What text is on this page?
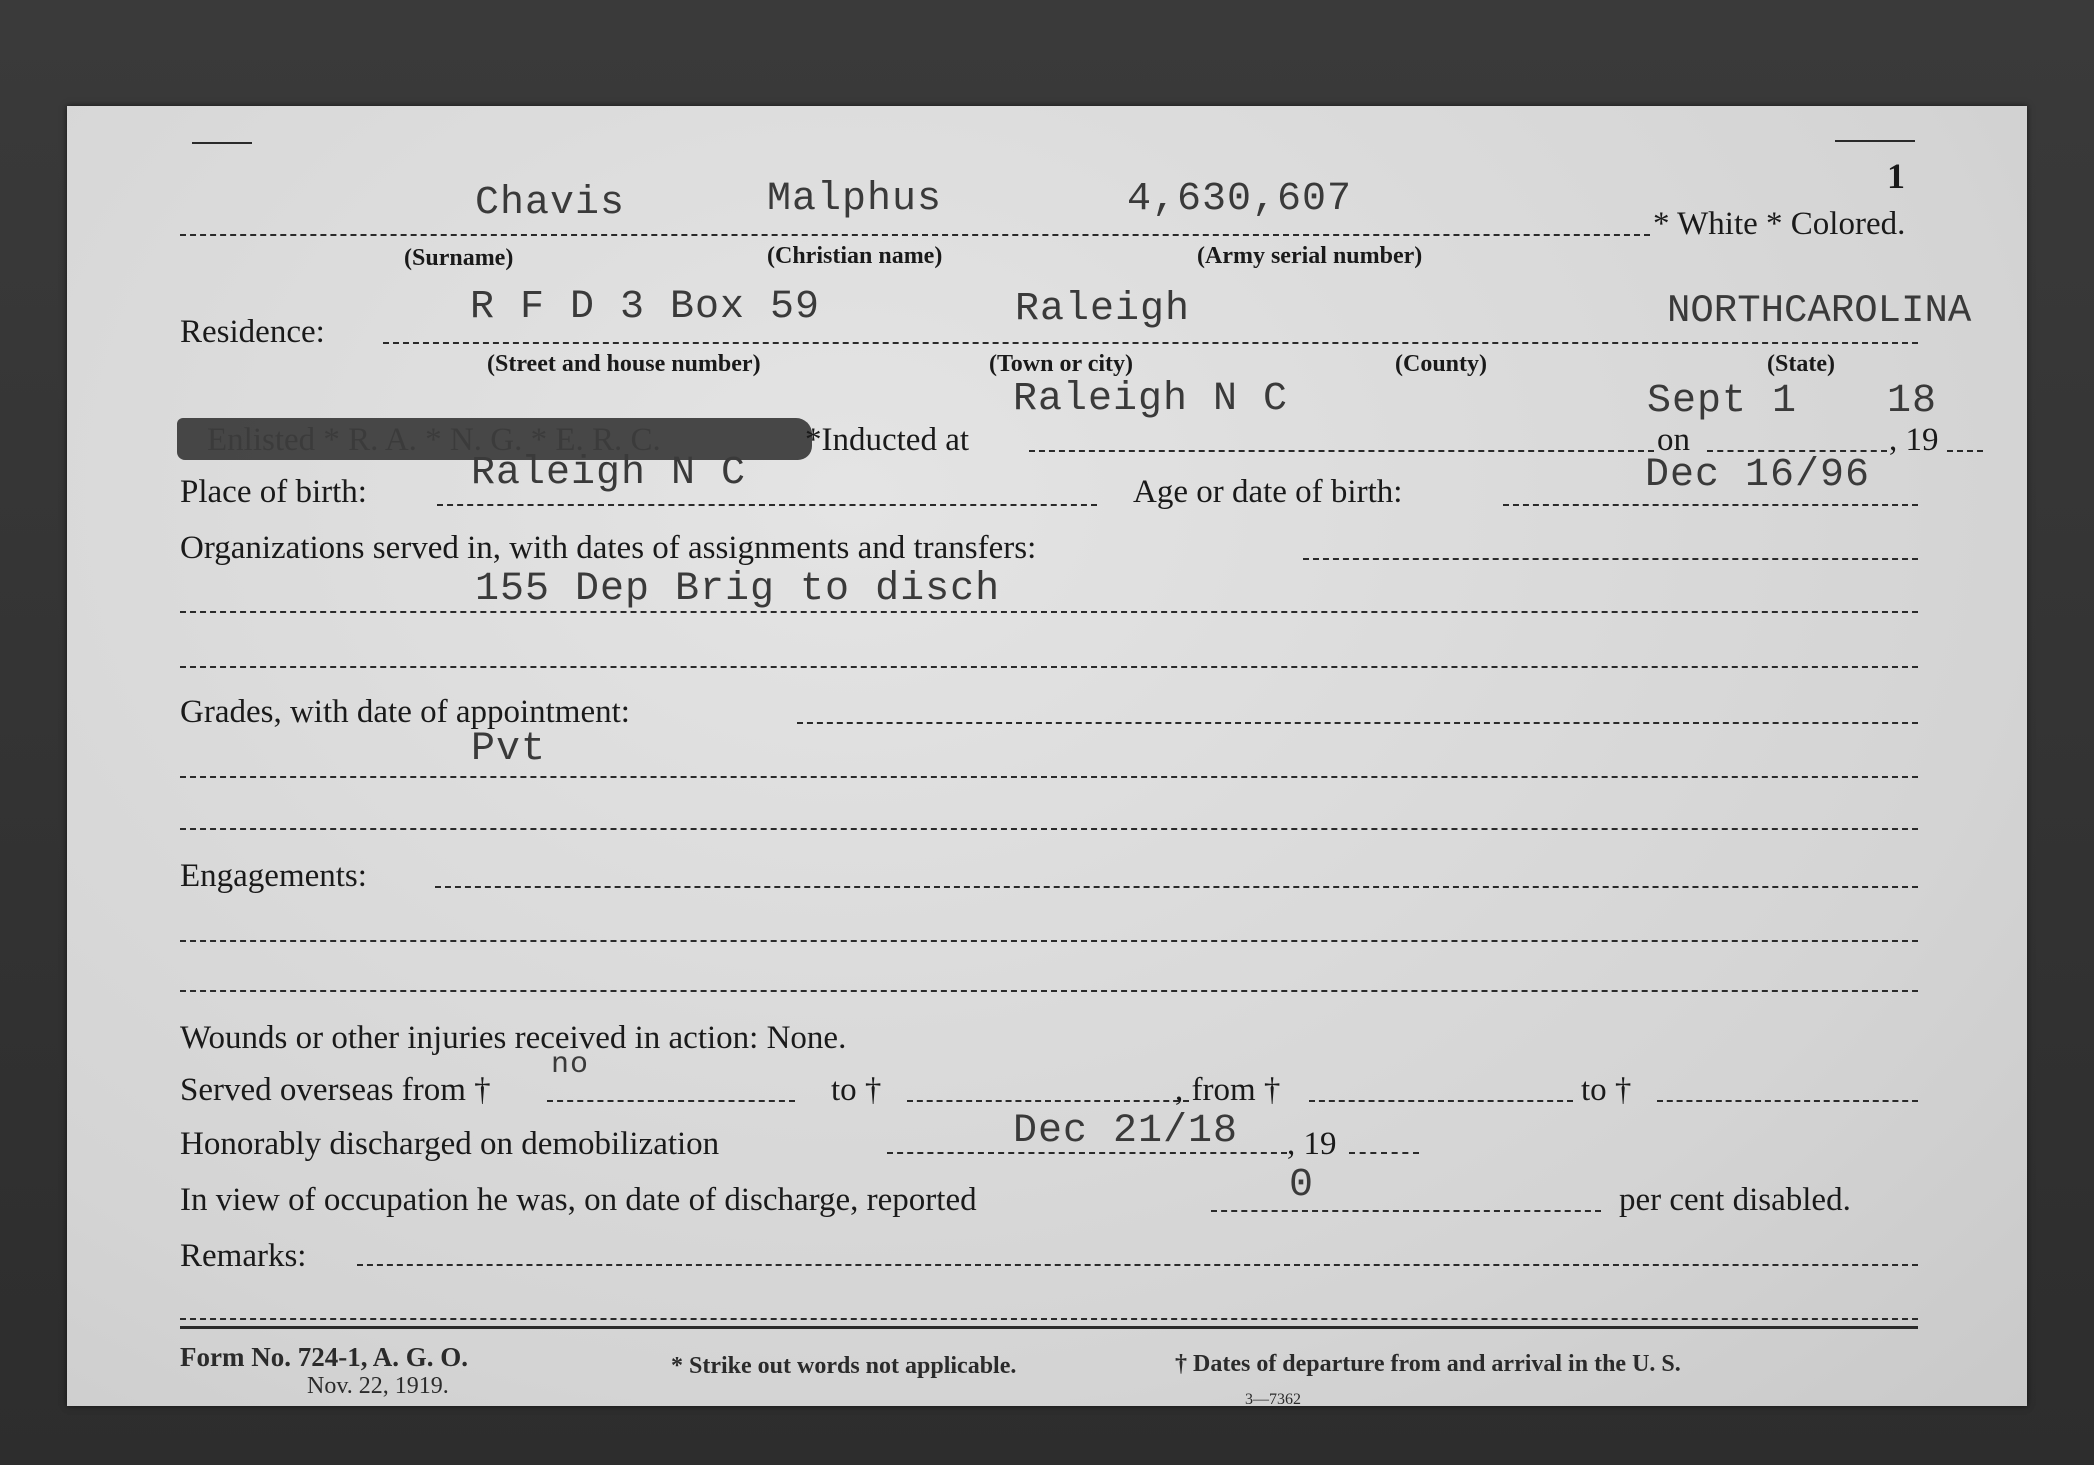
1
Chavis	Malphus	4,630,607
* White * Colored.
(Surname)	(Christian name)	(Army serial number)
Residence:
R F D 3 Box 59	Raleigh	NORTHCAROLINA
(Street and house number)	(Town or city)	(County)	(State)
Raleigh N C	Sept 1 18
*Inducted at	on	, 19
Place of birth:	Raleigh N C	Age or date of birth:	Dec 16/96
Organizations served in, with dates of assignments and transfers:
155 Dep Brig to disch
Grades, with date of appointment:
Pvt
Engagements:
Wounds or other injuries received in action: None.
Served overseas from †
no
to †	, from †	to †
Honorably discharged on demobilization	Dec 21/18 , 19
In view of occupation he was, on date of discharge, reported	0	per cent disabled.
Remarks:
Form No. 724-1, A. G. O.
Nov. 22, 1919.
* Strike out words not applicable.	† Dates of departure from and arrival in the U. S.
3—7362
